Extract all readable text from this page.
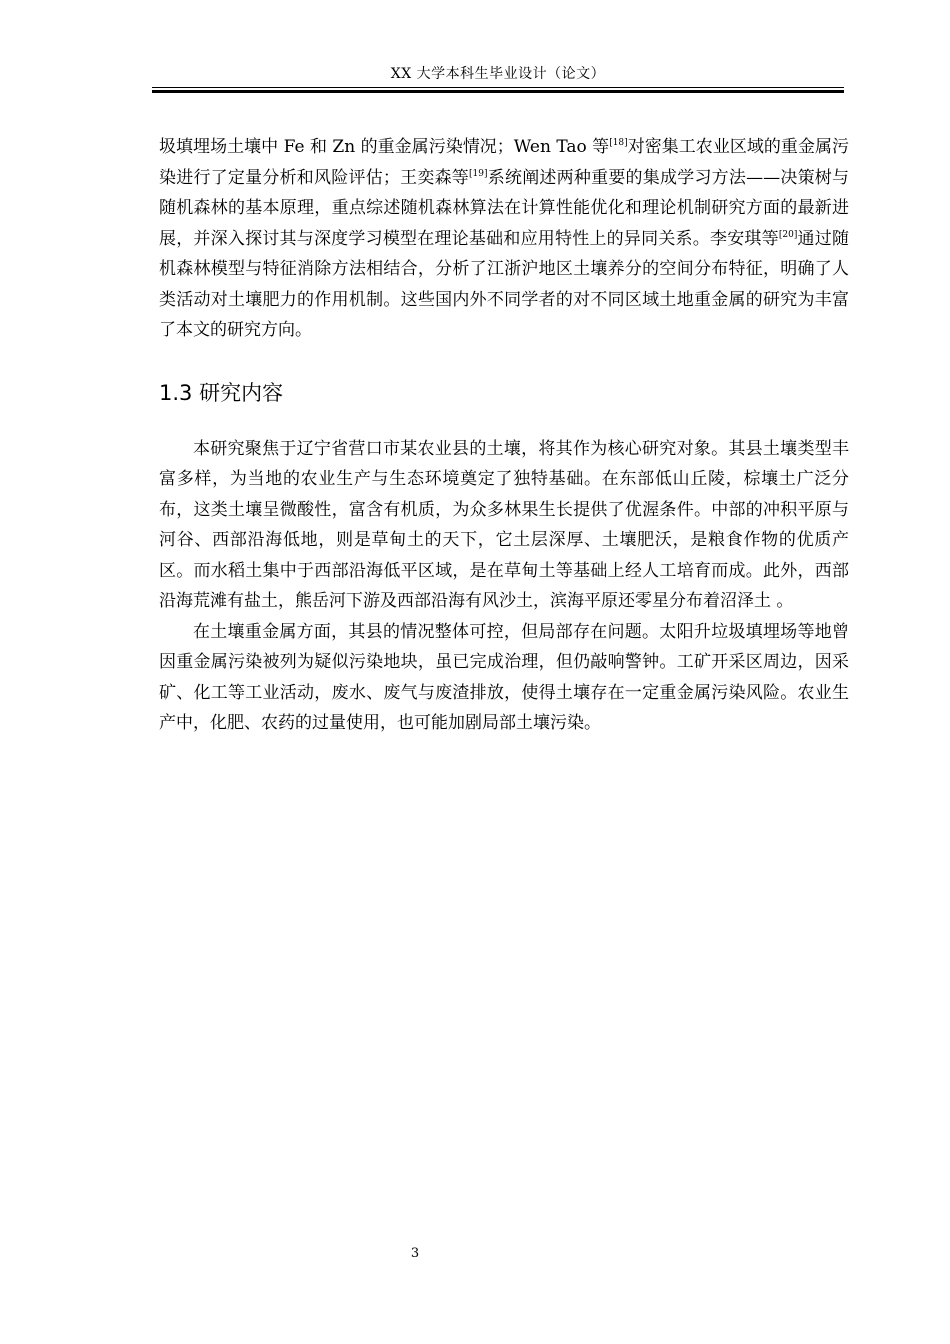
XX 大学本科生毕业设计（论文）

圾填埋场土壤中 Fe 和 Zn 的重金属污染情况；Wen Tao 等[18]对密集工农业区域的重金属污染进行了定量分析和风险评估；王奕森等[19]系统阐述两种重要的集成学习方法——决策树与随机森林的基本原理，重点综述随机森林算法在计算性能优化和理论机制研究方面的最新进展，并深入探讨其与深度学习模型在理论基础和应用特性上的异同关系。李安琪等[20]通过随机森林模型与特征消除方法相结合，分析了江浙沪地区土壤养分的空间分布特征，明确了人类活动对土壤肥力的作用机制。这些国内外不同学者的对不同区域土地重金属的研究为丰富了本文的研究方向。

1.3 研究内容

本研究聚焦于辽宁省营口市某农业县的土壤，将其作为核心研究对象。其县土壤类型丰富多样，为当地的农业生产与生态环境奠定了独特基础。在东部低山丘陵，棕壤土广泛分布，这类土壤呈微酸性，富含有机质，为众多林果生长提供了优渥条件。中部的冲积平原与河谷、西部沿海低地，则是草甸土的天下，它土层深厚、土壤肥沃，是粮食作物的优质产区。而水稻土集中于西部沿海低平区域，是在草甸土等基础上经人工培育而成。此外，西部沿海荒滩有盐土，熊岳河下游及西部沿海有风沙土，滨海平原还零星分布着沼泽土 。

在土壤重金属方面，其县的情况整体可控，但局部存在问题。太阳升垃圾填埋场等地曾因重金属污染被列为疑似污染地块，虽已完成治理，但仍敲响警钟。工矿开采区周边，因采矿、化工等工业活动，废水、废气与废渣排放，使得土壤存在一定重金属污染风险。农业生产中，化肥、农药的过量使用，也可能加剧局部土壤污染。

3
